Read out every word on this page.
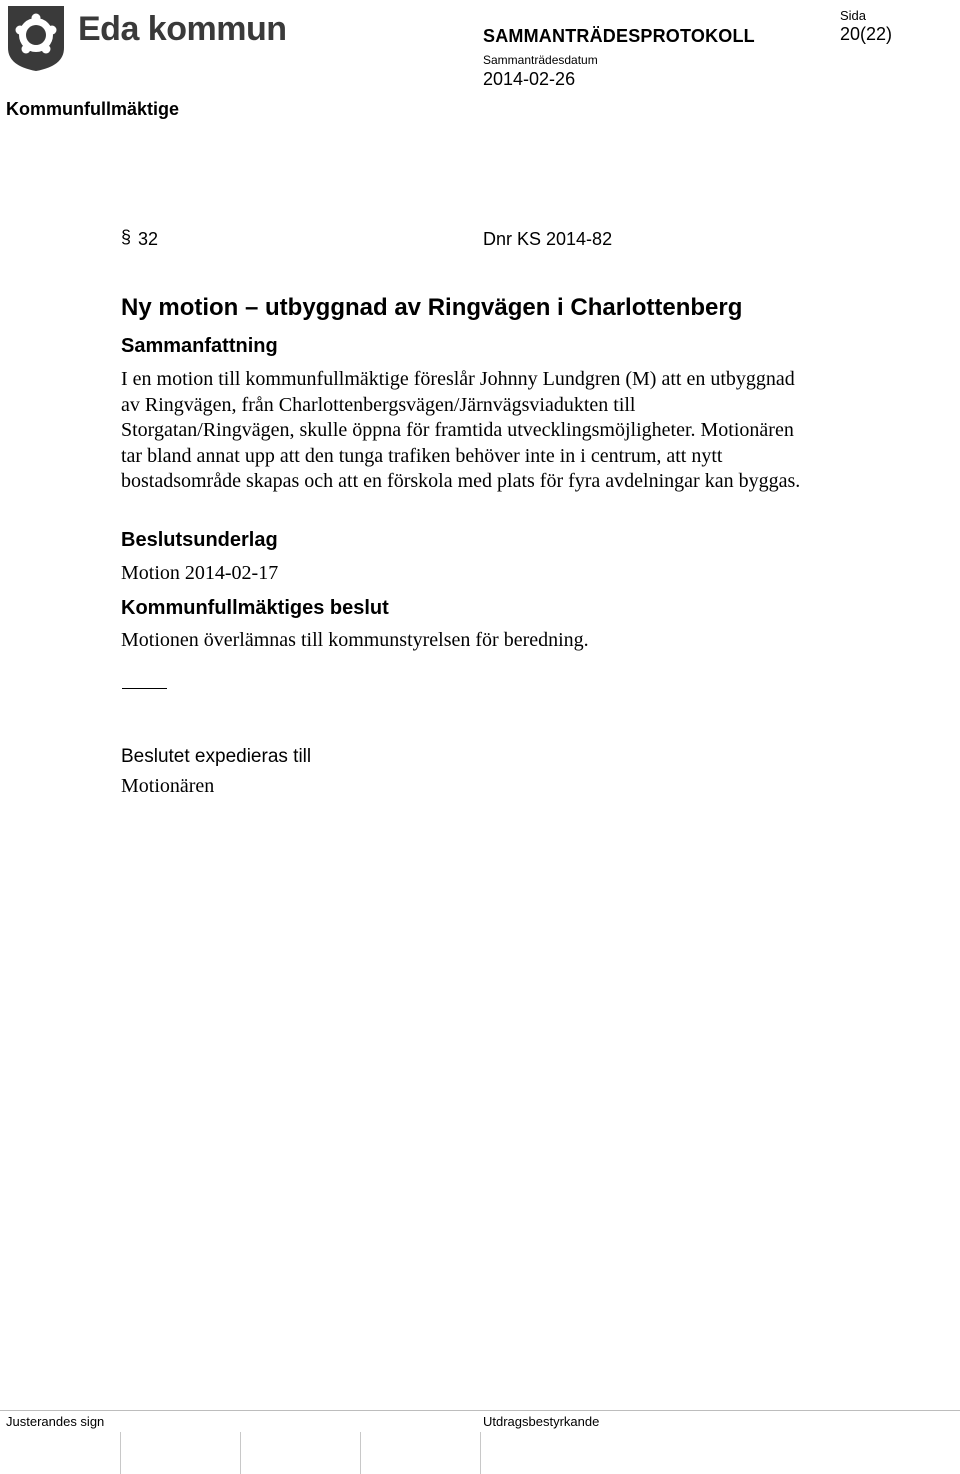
Eda kommun
Kommunfullmäktige
SAMMANTRÄDESPROTOKOLL
Sammanträdesdatum
2014-02-26
Sida
20(22)
§ 32	Dnr KS 2014-82
Ny motion – utbyggnad av Ringvägen i Charlottenberg
Sammanfattning
I en motion till kommunfullmäktige föreslår Johnny Lundgren (M) att en utbyggnad av Ringvägen, från Charlottenbergsvägen/Järnvägsviadukten till Storgatan/Ringvägen, skulle öppna för framtida utvecklingsmöjligheter. Motionären tar bland annat upp att den tunga trafiken behöver inte in i centrum, att nytt bostadsområde skapas och att en förskola med plats för fyra avdelningar kan byggas.
Beslutsunderlag
Motion 2014-02-17
Kommunfullmäktiges beslut
Motionen överlämnas till kommunstyrelsen för beredning.
Beslutet expedieras till
Motionären
Justerandes sign	Utdragsbestyrkande
